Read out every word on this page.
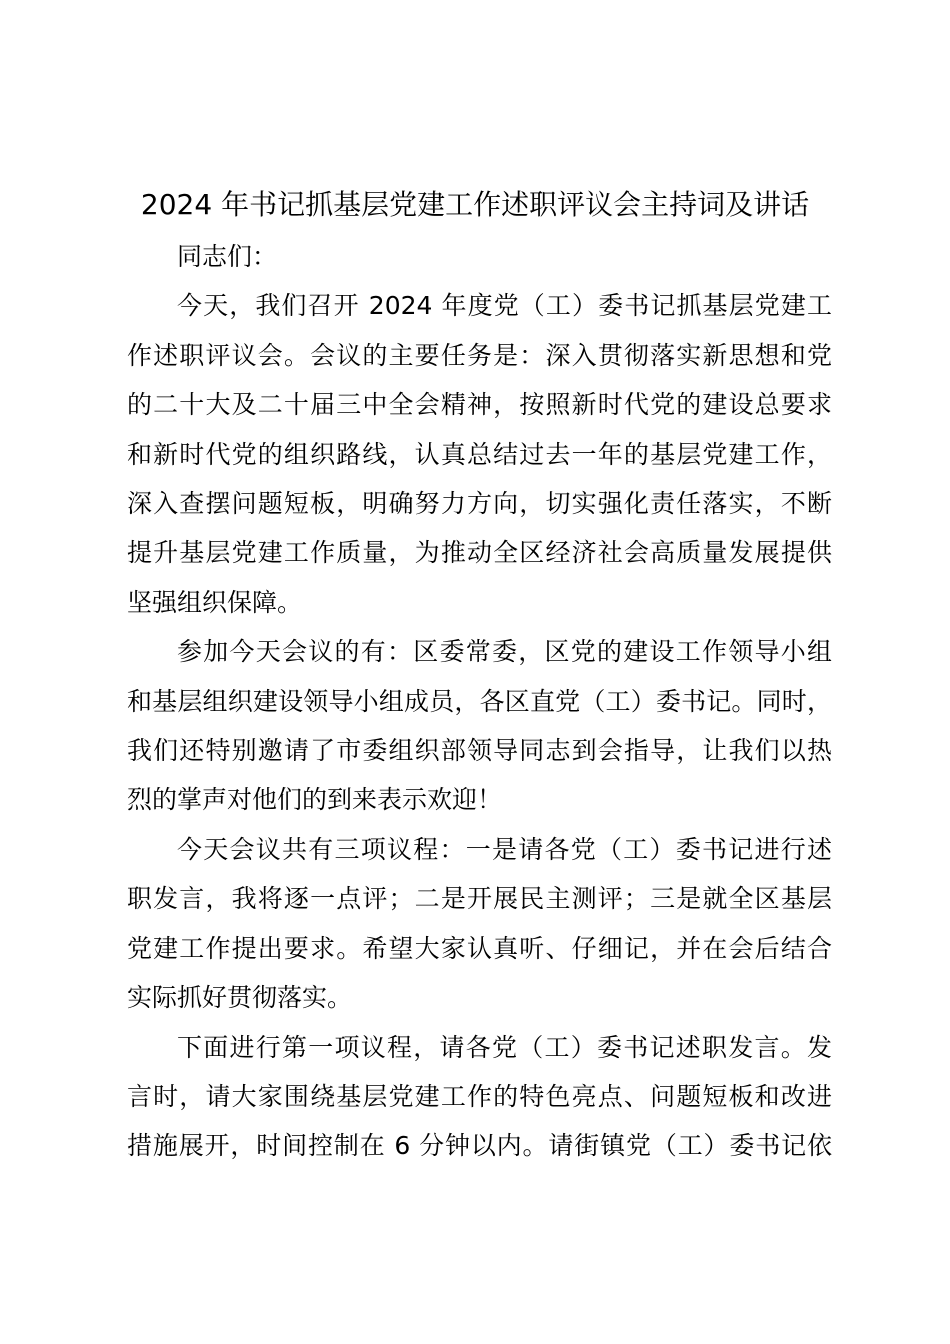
2024 年书记抓基层党建工作述职评议会主持词及讲话

同志们：

今天，我们召开 2024 年度党（工）委书记抓基层党建工
作述职评议会。会议的主要任务是：深入贯彻落实新思想和党
的二十大及二十届三中全会精神，按照新时代党的建设总要求
和新时代党的组织路线，认真总结过去一年的基层党建工作，
深入查摆问题短板，明确努力方向，切实强化责任落实，不断
提升基层党建工作质量，为推动全区经济社会高质量发展提供
坚强组织保障。

参加今天会议的有：区委常委，区党的建设工作领导小组
和基层组织建设领导小组成员，各区直党（工）委书记。同时，
我们还特别邀请了市委组织部领导同志到会指导，让我们以热
烈的掌声对他们的到来表示欢迎！

今天会议共有三项议程：一是请各党（工）委书记进行述
职发言，我将逐一点评；二是开展民主测评；三是就全区基层
党建工作提出要求。希望大家认真听、仔细记，并在会后结合
实际抓好贯彻落实。

下面进行第一项议程，请各党（工）委书记述职发言。发
言时，请大家围绕基层党建工作的特色亮点、问题短板和改进
措施展开，时间控制在 6 分钟以内。请街镇党（工）委书记依
